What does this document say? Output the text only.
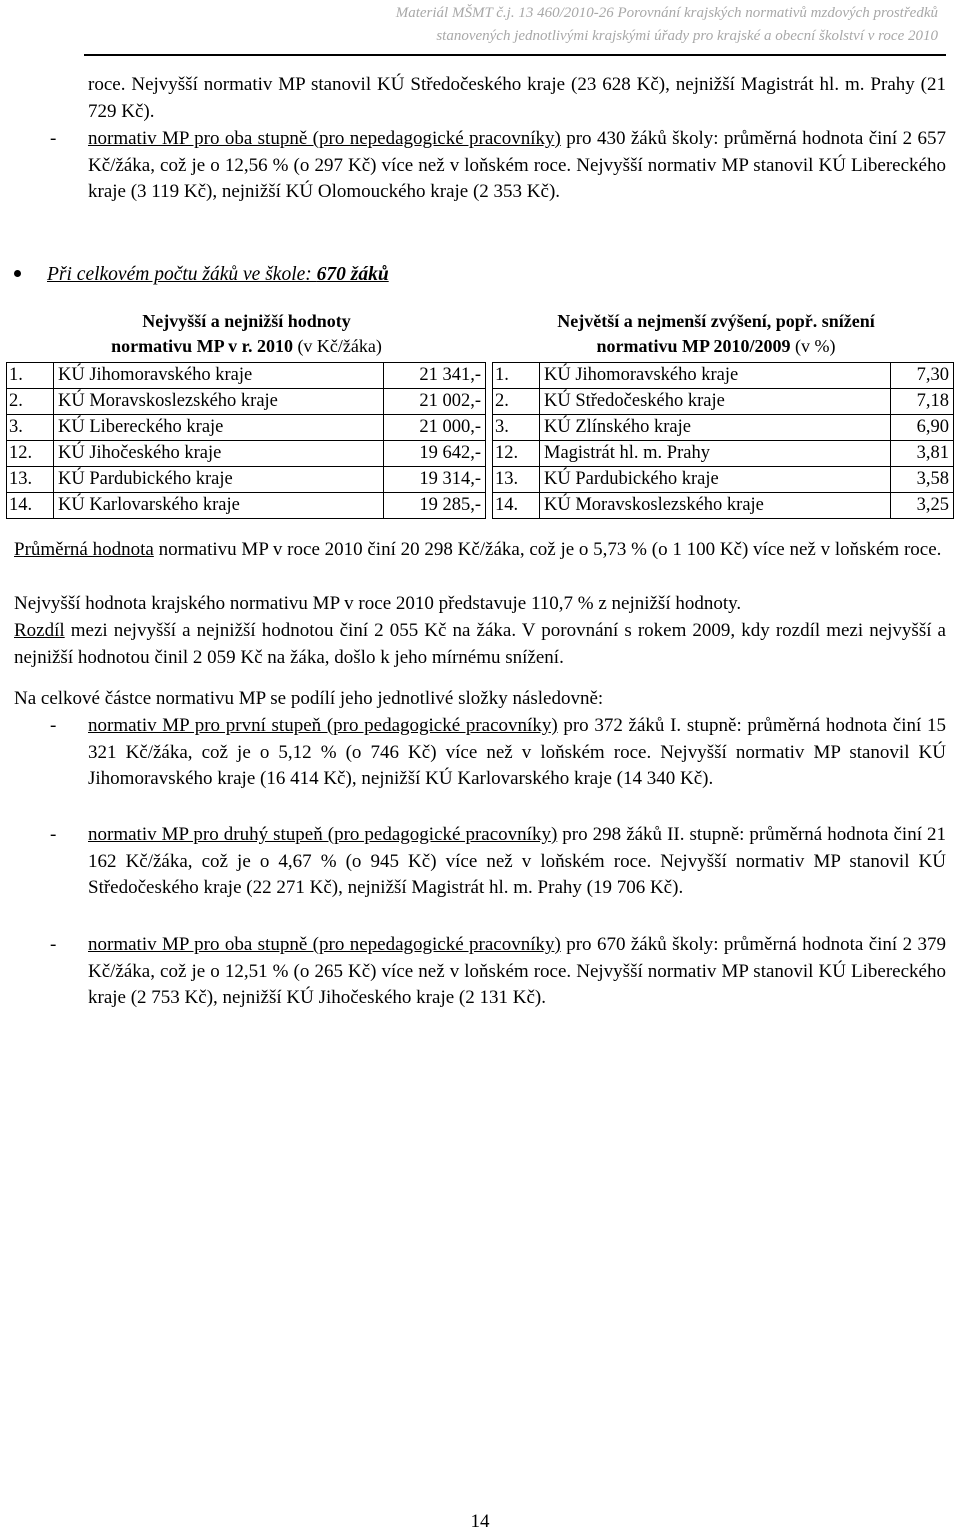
Materiál MŠMT č.j. 13 460/2010-26 Porovnání krajských normativů mzdových prostředků
stanovených jednotlivými krajskými úřady pro krajské a obecní školství v roce 2010
roce. Nejvyšší normativ MP stanovil KÚ Středočeského kraje (23 628 Kč), nejnižší Magistrát hl. m. Prahy (21 729 Kč).
-	normativ MP pro oba stupně (pro nepedagogické pracovníky) pro 430 žáků školy: průměrná hodnota činí 2 657 Kč/žáka, což je o 12,56 % (o 297 Kč) více než v loňském roce. Nejvyšší normativ MP stanovil KÚ Libereckého kraje (3 119 Kč), nejnižší KÚ Olomouckého kraje (2 353 Kč).
Při celkovém počtu žáků ve škole: 670 žáků
Nejvyšší a nejnižší hodnoty
normativu MP v r. 2010 (v Kč/žáka)
Největší a nejmenší zvýšení, popř. snížení
normativu MP 2010/2009 (v %)
1.	KÚ Jihomoravského kraje	21 341,-
2.	KÚ Moravskoslezského kraje	21 002,-
3.	KÚ Libereckého kraje	21 000,-
12.	KÚ Jihočeského kraje	19 642,-
13.	KÚ Pardubického kraje	19 314,-
14.	KÚ Karlovarského kraje	19 285,-
1.	KÚ Jihomoravského kraje	7,30
2.	KÚ Středočeského kraje	7,18
3.	KÚ Zlínského kraje	6,90
12.	Magistrát hl. m. Prahy	3,81
13.	KÚ Pardubického kraje	3,58
14.	KÚ Moravskoslezského kraje	3,25
Průměrná hodnota normativu MP v roce 2010 činí 20 298 Kč/žáka, což je o 5,73 % (o 1 100 Kč) více než v loňském roce.
Nejvyšší hodnota krajského normativu MP v roce 2010 představuje 110,7 % z nejnižší hodnoty.
Rozdíl mezi nejvyšší a nejnižší hodnotou činí 2 055 Kč na žáka. V porovnání s rokem 2009, kdy rozdíl mezi nejvyšší a nejnižší hodnotou činil 2 059 Kč na žáka, došlo k jeho mírnému snížení.
Na celkové částce normativu MP se podílí jeho jednotlivé složky následovně:
-	normativ MP pro první stupeň (pro pedagogické pracovníky) pro 372 žáků I. stupně: průměrná hodnota činí 15 321 Kč/žáka, což je o 5,12 % (o 746 Kč) více než v loňském roce. Nejvyšší normativ MP stanovil KÚ Jihomoravského kraje (16 414 Kč), nejnižší KÚ Karlovarského kraje (14 340 Kč).
-	normativ MP pro druhý stupeň (pro pedagogické pracovníky) pro 298 žáků II. stupně: průměrná hodnota činí 21 162 Kč/žáka, což je o 4,67 % (o 945 Kč) více než v loňském roce. Nejvyšší normativ MP stanovil KÚ Středočeského kraje (22 271 Kč), nejnižší Magistrát hl. m. Prahy (19 706 Kč).
-	normativ MP pro oba stupně (pro nepedagogické pracovníky) pro 670 žáků školy: průměrná hodnota činí 2 379 Kč/žáka, což je o 12,51 % (o 265 Kč) více než v loňském roce. Nejvyšší normativ MP stanovil KÚ Libereckého kraje (2 753 Kč), nejnižší KÚ Jihočeského kraje (2 131 Kč).
14
